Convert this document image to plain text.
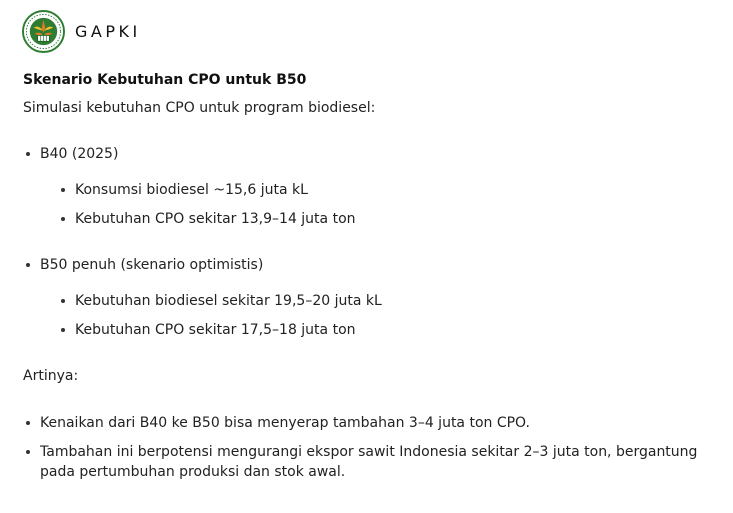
GAPKI
Skenario Kebutuhan CPO untuk B50

Simulasi kebutuhan CPO untuk program biodiesel:

B40 (2025)
Konsumsi biodiesel ~15,6 juta kL
Kebutuhan CPO sekitar 13,9–14 juta ton
B50 penuh (skenario optimistis)
Kebutuhan biodiesel sekitar 19,5–20 juta kL
Kebutuhan CPO sekitar 17,5–18 juta ton

Artinya:

Kenaikan dari B40 ke B50 bisa menyerap tambahan 3–4 juta ton CPO.
Tambahan ini berpotensi mengurangi ekspor sawit Indonesia sekitar 2–3 juta ton, bergantung pada pertumbuhan produksi dan stok awal.
